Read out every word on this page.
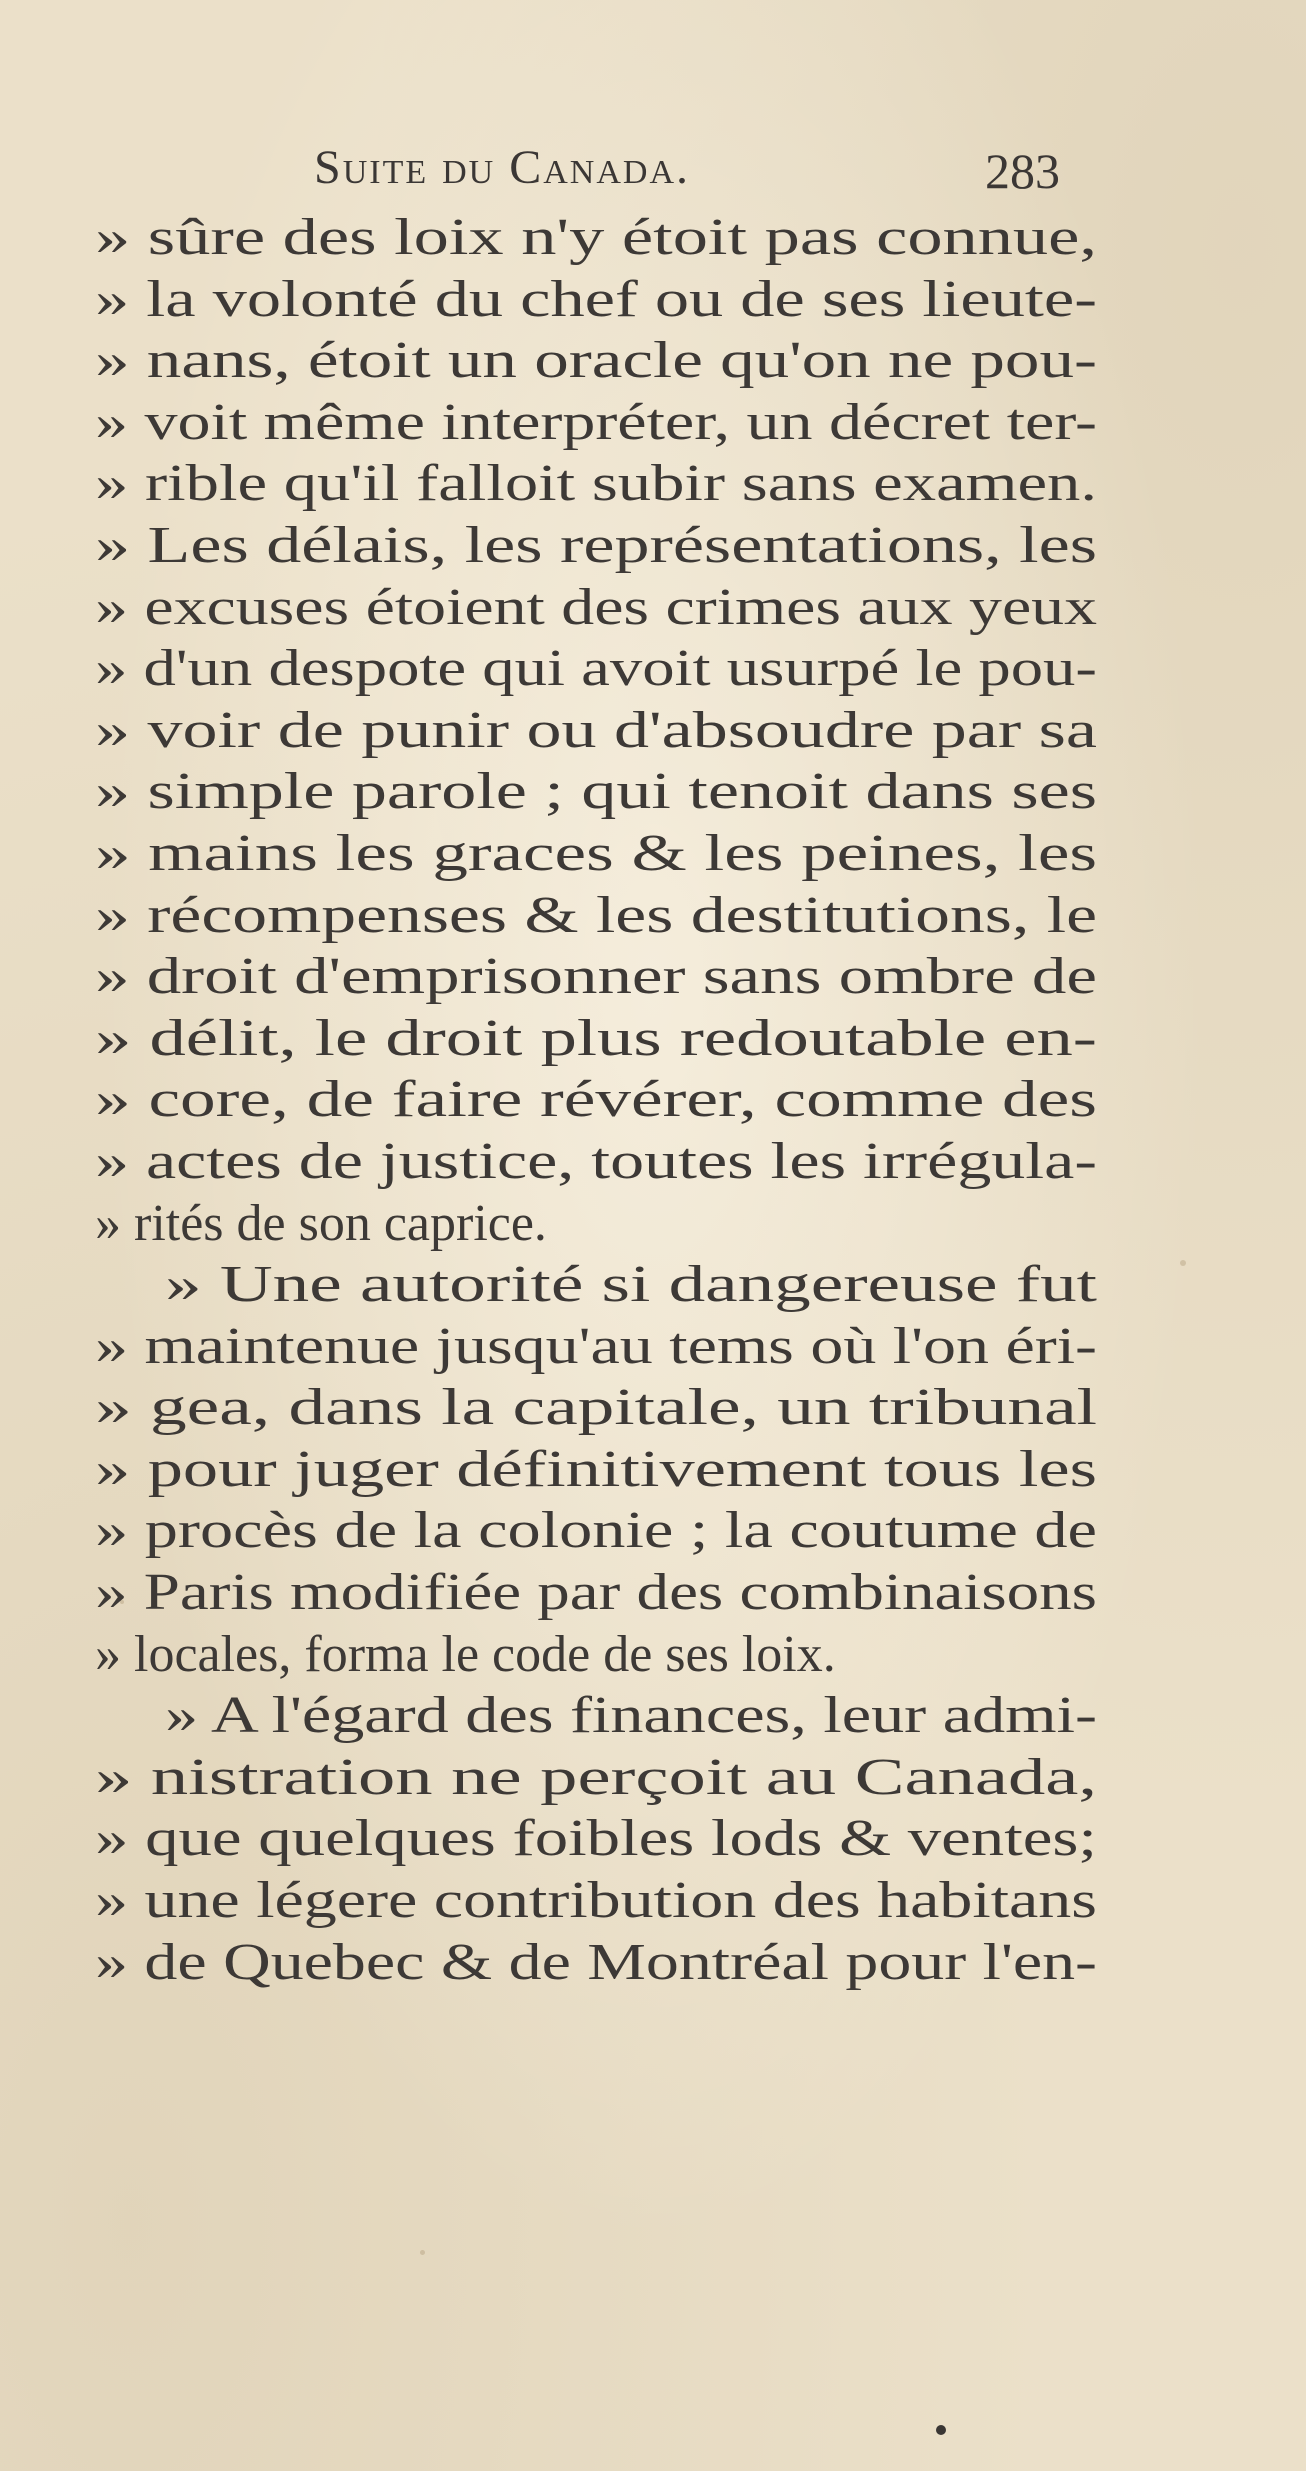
Suite du Canada.	283
» sûre des loix n'y étoit pas connue,
» la volonté du chef ou de ses lieute-
» nans, étoit un oracle qu'on ne pou-
» voit même interpréter, un décret ter-
» rible qu'il falloit subir sans examen.
» Les délais, les représentations, les
» excuses étoient des crimes aux yeux
» d'un despote qui avoit usurpé le pou-
» voir de punir ou d'absoudre par sa
» simple parole ; qui tenoit dans ses
» mains les graces & les peines, les
» récompenses & les destitutions, le
» droit d'emprisonner sans ombre de
» délit, le droit plus redoutable en-
» core, de faire révérer, comme des
» actes de justice, toutes les irrégula-
» rités de son caprice.
» Une autorité si dangereuse fut
» maintenue jusqu'au tems où l'on éri-
» gea, dans la capitale, un tribunal
» pour juger définitivement tous les
» procès de la colonie ; la coutume de
» Paris modifiée par des combinaisons
» locales, forma le code de ses loix.
» A l'égard des finances, leur admi-
» nistration ne perçoit au Canada,
» que quelques foibles lods & ventes;
» une légere contribution des habitans
» de Quebec & de Montréal pour l'en-
